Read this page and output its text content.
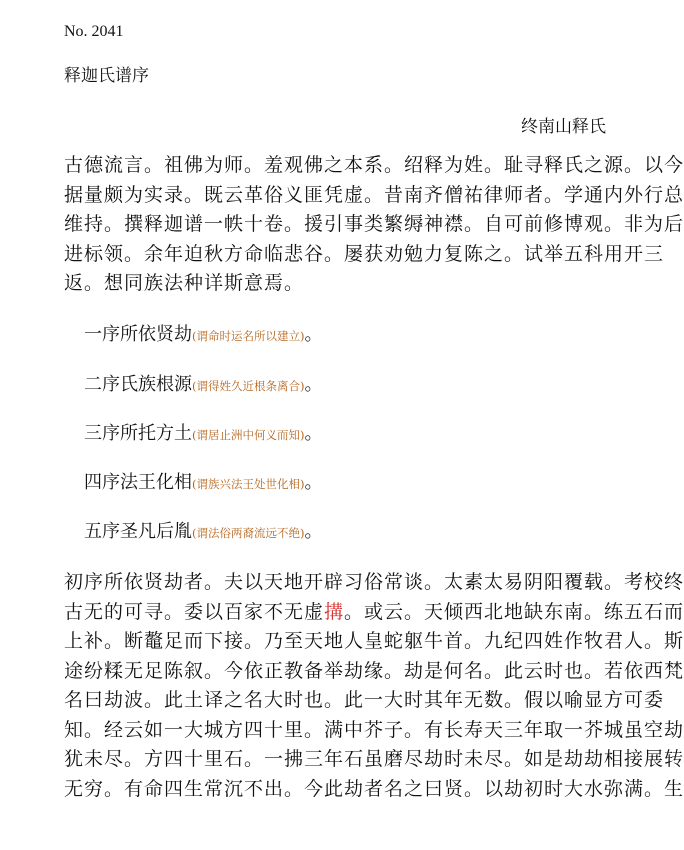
No. 2041
释迦氏谱序
终南山释氏
古德流言。祖佛为师。羞观佛之本系。绍释为姓。耻寻释氏之源。以今
据量颇为实录。既云革俗义匪凭虚。昔南齐僧祐律师者。学通内外行总
维持。撰释迦谱一帙十卷。援引事类繁缛神襟。自可前修博观。非为后
进标领。余年迫秋方命临悲谷。屡获劝勉力复陈之。试举五科用开三
返。想同族法种详斯意焉。
一序所依贤劫(谓命时运名所以建立)。
二序氏族根源(谓得姓久近根条离合)。
三序所托方土(谓居止洲中何义而知)。
四序法王化相(谓族兴法王处世化相)。
五序圣凡后胤(谓法俗两裔流远不绝)。
初序所依贤劫者。夫以天地开辟习俗常谈。太素太易阴阳覆载。考校终
古无的可寻。委以百家不无虚搆。或云。天倾西北地缺东南。练五石而
上补。断鼇足而下接。乃至天地人皇蛇躯牛首。九纪四姓作牧君人。斯
途纷糅无足陈叙。今依正教备举劫缘。劫是何名。此云时也。若依西梵
名曰劫波。此土译之名大时也。此一大时其年无数。假以喻显方可委
知。经云如一大城方四十里。满中芥子。有长寿天三年取一芥城虽空劫
犹未尽。方四十里石。一拂三年石虽磨尽劫时未尽。如是劫劫相接展转
无穷。有命四生常沉不出。今此劫者名之曰贤。以劫初时大水弥满。生
